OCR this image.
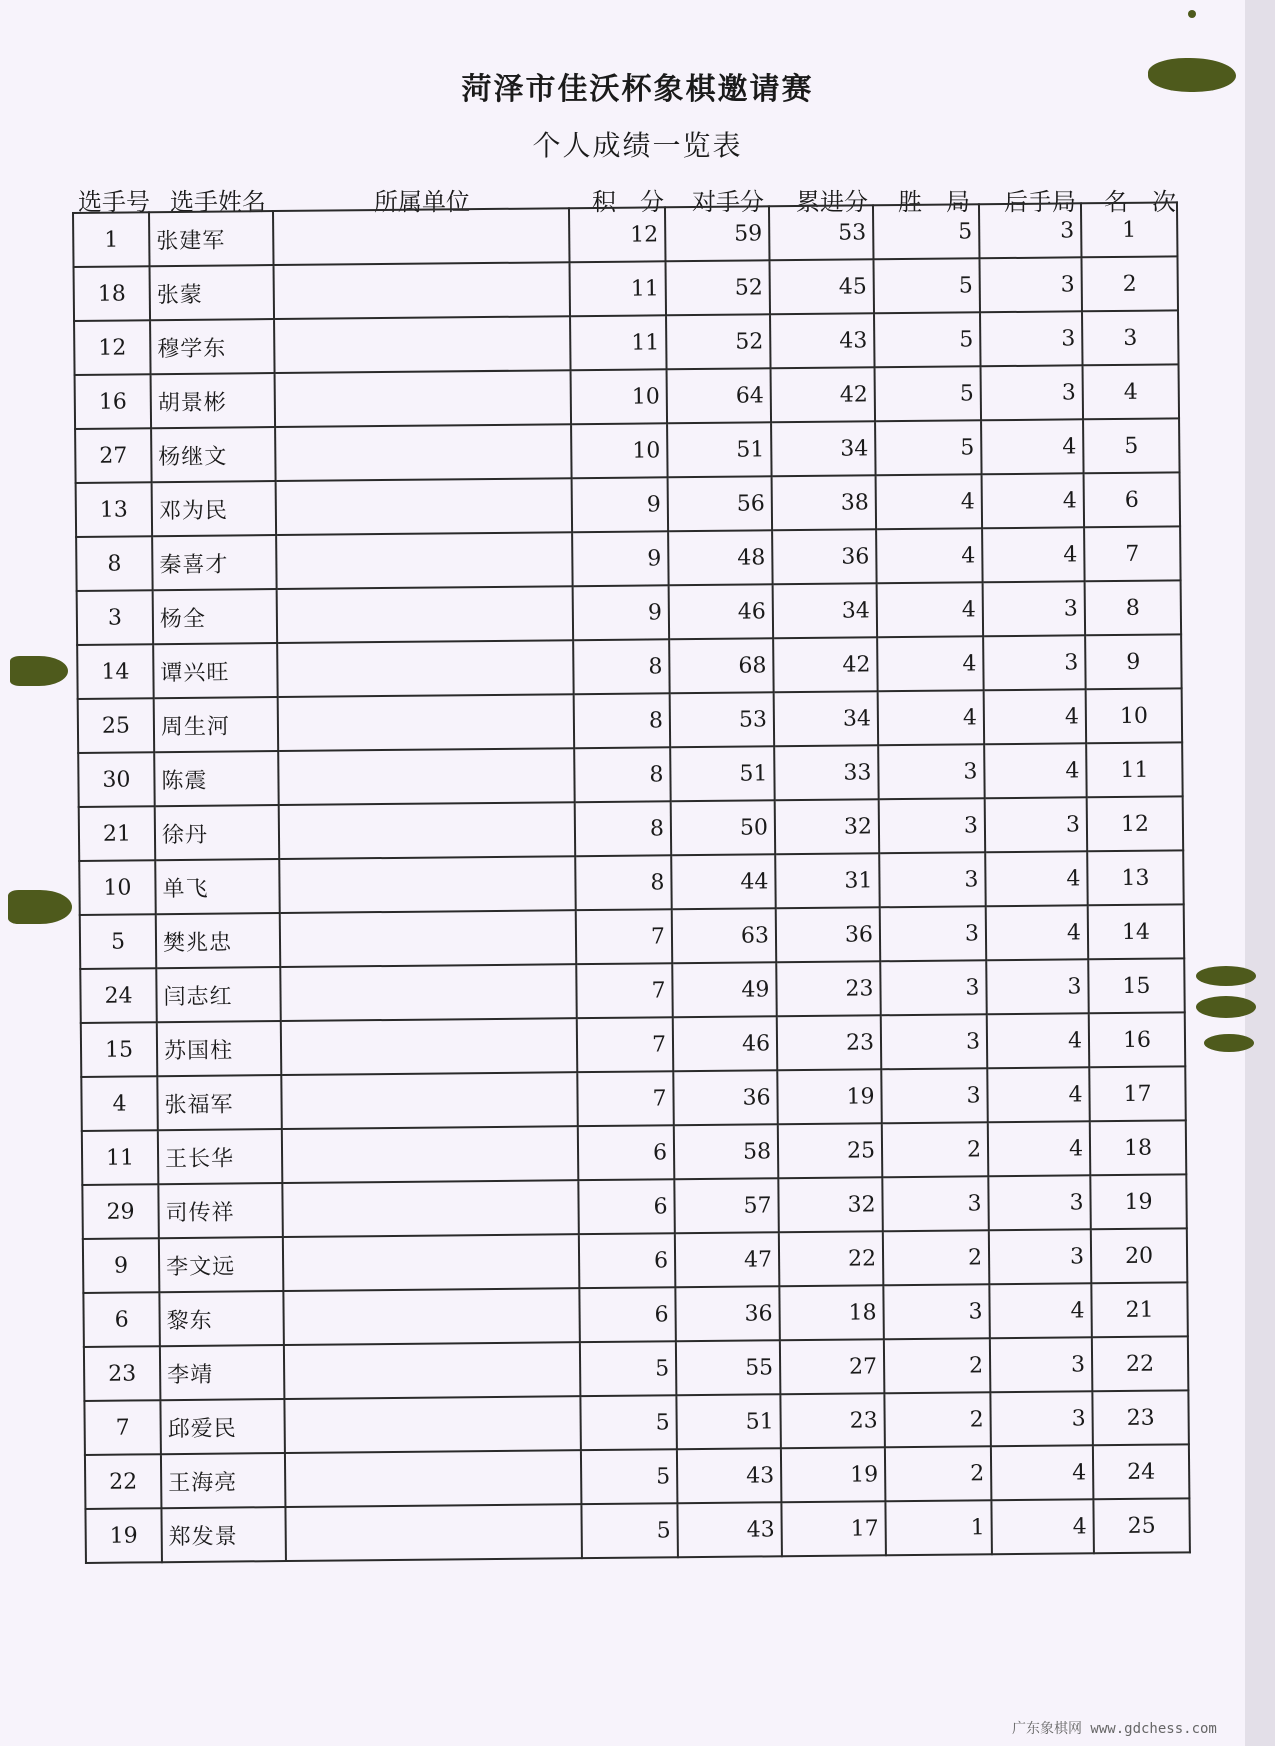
菏泽市佳沃杯象棋邀请赛
个人成绩一览表
选手号 选手姓名	所属单位	积　分 对手分 累进分 胜　局 后手局 名　次
1	张建军		12	59	53	5	3	1
18	张蒙		11	52	45	5	3	2
12	穆学东		11	52	43	5	3	3
16	胡景彬		10	64	42	5	3	4
27	杨继文		10	51	34	5	4	5
13	邓为民		9	56	38	4	4	6
8	秦喜才		9	48	36	4	4	7
3	杨全		9	46	34	4	3	8
14	谭兴旺		8	68	42	4	3	9
25	周生河		8	53	34	4	4	10
30	陈震		8	51	33	3	4	11
21	徐丹		8	50	32	3	3	12
10	单飞		8	44	31	3	4	13
5	樊兆忠		7	63	36	3	4	14
24	闫志红		7	49	23	3	3	15
15	苏国柱		7	46	23	3	4	16
4	张福军		7	36	19	3	4	17
11	王长华		6	58	25	2	4	18
29	司传祥		6	57	32	3	3	19
9	李文远		6	47	22	2	3	20
6	黎东		6	36	18	3	4	21
23	李靖		5	55	27	2	3	22
7	邱爱民		5	51	23	2	3	23
22	王海亮		5	43	19	2	4	24
19	郑发景		5	43	17	1	4	25
广东象棋网 www.gdchess.com
